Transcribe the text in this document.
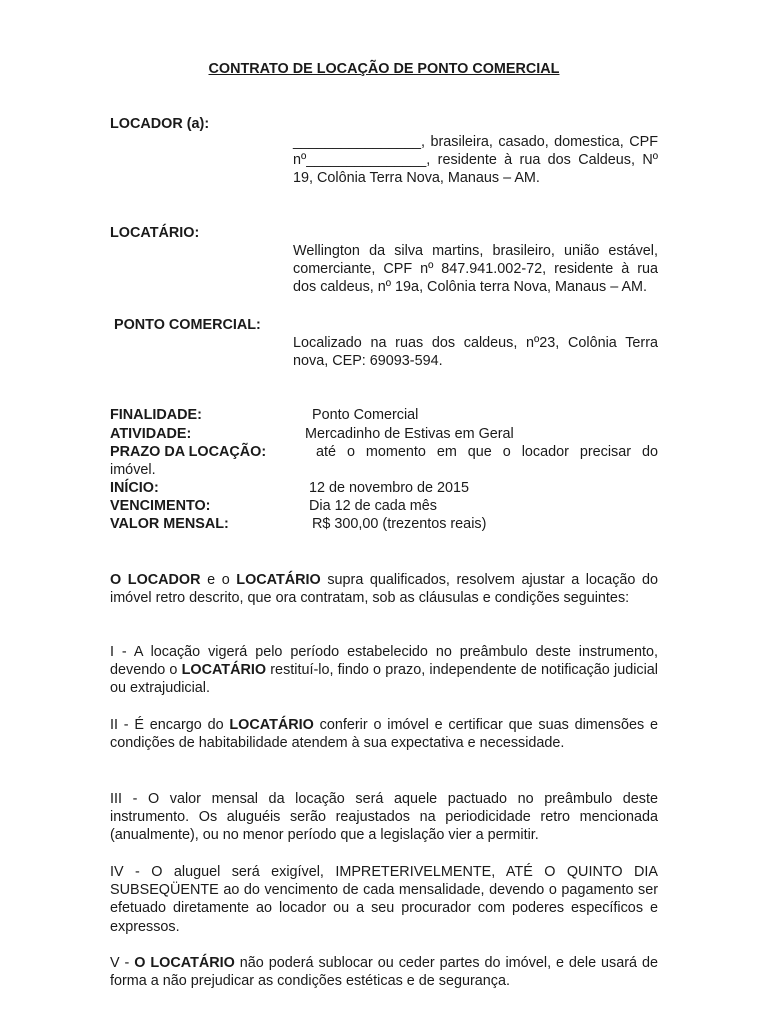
CONTRATO DE LOCAÇÃO DE PONTO COMERCIAL
LOCADOR (a):
________________, brasileira, casado, domestica, CPF nº_______________, residente à rua dos Caldeus, Nº 19, Colônia Terra Nova, Manaus – AM.
LOCATÁRIO:
Wellington da silva martins, brasileiro, união estável, comerciante, CPF nº 847.941.002-72, residente à rua dos caldeus, nº 19a, Colônia terra Nova, Manaus – AM.
PONTO COMERCIAL:
Localizado na ruas dos caldeus, nº23, Colônia Terra nova, CEP: 69093-594.
FINALIDADE:	Ponto Comercial
ATIVIDADE:	Mercadinho de Estivas em Geral
PRAZO DA LOCAÇÃO:	até o momento em que o locador precisar do
imóvel.
INÍCIO:	12 de novembro de 2015
VENCIMENTO:	Dia 12 de cada mês
VALOR MENSAL:	R$ 300,00 (trezentos reais)
O LOCADOR e o LOCATÁRIO supra qualificados, resolvem ajustar a locação do imóvel retro descrito, que ora contratam, sob as cláusulas e condições seguintes:
I - A locação vigerá pelo período estabelecido no preâmbulo deste instrumento, devendo o LOCATÁRIO restituí-lo, findo o prazo, independente de notificação judicial ou extrajudicial.
II - É encargo do LOCATÁRIO conferir o imóvel e certificar que suas dimensões e condições de habitabilidade atendem à sua expectativa e necessidade.
III - O valor mensal da locação será aquele pactuado no preâmbulo deste instrumento. Os aluguéis serão reajustados na periodicidade retro mencionada (anualmente), ou no menor período que a legislação vier a permitir.
IV - O aluguel será exigível, IMPRETERIVELMENTE, ATÉ O QUINTO DIA SUBSEQÜENTE ao do vencimento de cada mensalidade, devendo o pagamento ser efetuado diretamente ao locador ou a seu procurador com poderes específicos e expressos.
V - O LOCATÁRIO não poderá sublocar ou ceder partes do imóvel, e dele usará de forma a não prejudicar as condições estéticas e de segurança.
